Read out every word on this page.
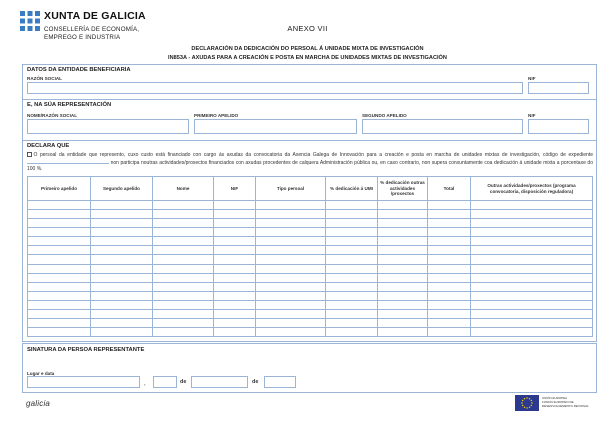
XUNTA DE GALICIA
CONSELLERÍA DE ECONOMÍA,
EMPREGO E INDUSTRIA
ANEXO VII
DECLARACIÓN DA DEDICACIÓN DO PERSOAL Á UNIDADE MIXTA DE INVESTIGACIÓN
IN853A - AXUDAS PARA A CREACIÓN E POSTA EN MARCHA DE UNIDADES MIXTAS DE INVESTIGACIÓN
DATOS DA ENTIDADE BENEFICIARIA
RAZÓN SOCIAL	NIF
E, NA SÚA REPRESENTACIÓN
NOME/RAZÓN SOCIAL	PRIMEIRO APELIDO	SEGUNDO APELIDO	NIF
DECLARA QUE
O persoal da entidade que represento, cuxo custo está financiado con cargo ás axudas da convocatoria da Axencia Galega de Innovación para a creación e posta en marcha de unidades mixtas de investigación, código de expediente  non participa noutras actividades/proxectos financiados con axudas procedentes de calquera Administración pública ou, en caso contrario, non supera conxuntamente coa dedicación á unidade mixta a porcentaxe do 100 %.
Primeiro apelido	Segundo apelido	Nome	NIF	Tipo persoal	% dedicación á UMI	% dedicación outras actividades /proxectos	Total	Outras actividades/proxectos (programa convocatoria, disposición reguladora)

SINATURA DA PERSOA REPRESENTANTE
Lugar e data
,	de	de
galicia
UNIÓN EUROPEA
FONDO EUROPEO DE
DESENVOLVEMENTO REXIONAL
